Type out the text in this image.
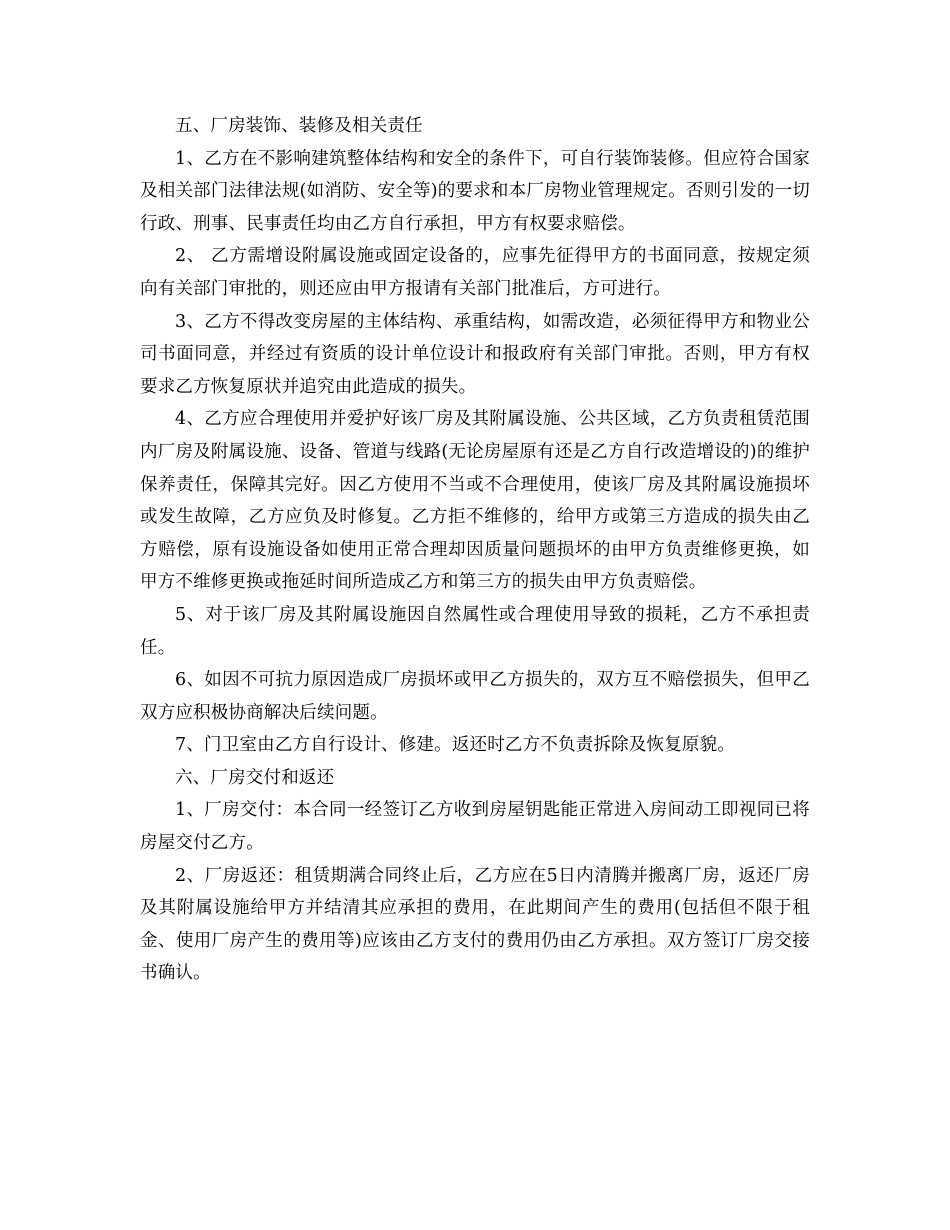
五、厂房装饰、装修及相关责任

1、乙方在不影响建筑整体结构和安全的条件下，可自行装饰装修。但应符合国家及相关部门法律法规(如消防、安全等)的要求和本厂房物业管理规定。否则引发的一切行政、刑事、民事责任均由乙方自行承担，甲方有权要求赔偿。

2、 乙方需增设附属设施或固定设备的，应事先征得甲方的书面同意，按规定须向有关部门审批的，则还应由甲方报请有关部门批准后，方可进行。

3、乙方不得改变房屋的主体结构、承重结构，如需改造，必须征得甲方和物业公司书面同意，并经过有资质的设计单位设计和报政府有关部门审批。否则，甲方有权要求乙方恢复原状并追究由此造成的损失。

4、乙方应合理使用并爱护好该厂房及其附属设施、公共区域，乙方负责租赁范围内厂房及附属设施、设备、管道与线路(无论房屋原有还是乙方自行改造增设的)的维护保养责任，保障其完好。因乙方使用不当或不合理使用，使该厂房及其附属设施损坏或发生故障，乙方应负及时修复。乙方拒不维修的，给甲方或第三方造成的损失由乙方赔偿，原有设施设备如使用正常合理却因质量问题损坏的由甲方负责维修更换，如甲方不维修更换或拖延时间所造成乙方和第三方的损失由甲方负责赔偿。

5、对于该厂房及其附属设施因自然属性或合理使用导致的损耗，乙方不承担责任。

6、如因不可抗力原因造成厂房损坏或甲乙方损失的，双方互不赔偿损失，但甲乙双方应积极协商解决后续问题。

7、门卫室由乙方自行设计、修建。返还时乙方不负责拆除及恢复原貌。

六、厂房交付和返还

1、厂房交付：本合同一经签订乙方收到房屋钥匙能正常进入房间动工即视同已将房屋交付乙方。

2、厂房返还：租赁期满合同终止后，乙方应在5日内清腾并搬离厂房，返还厂房及其附属设施给甲方并结清其应承担的费用，在此期间产生的费用(包括但不限于租金、使用厂房产生的费用等)应该由乙方支付的费用仍由乙方承担。双方签订厂房交接书确认。
